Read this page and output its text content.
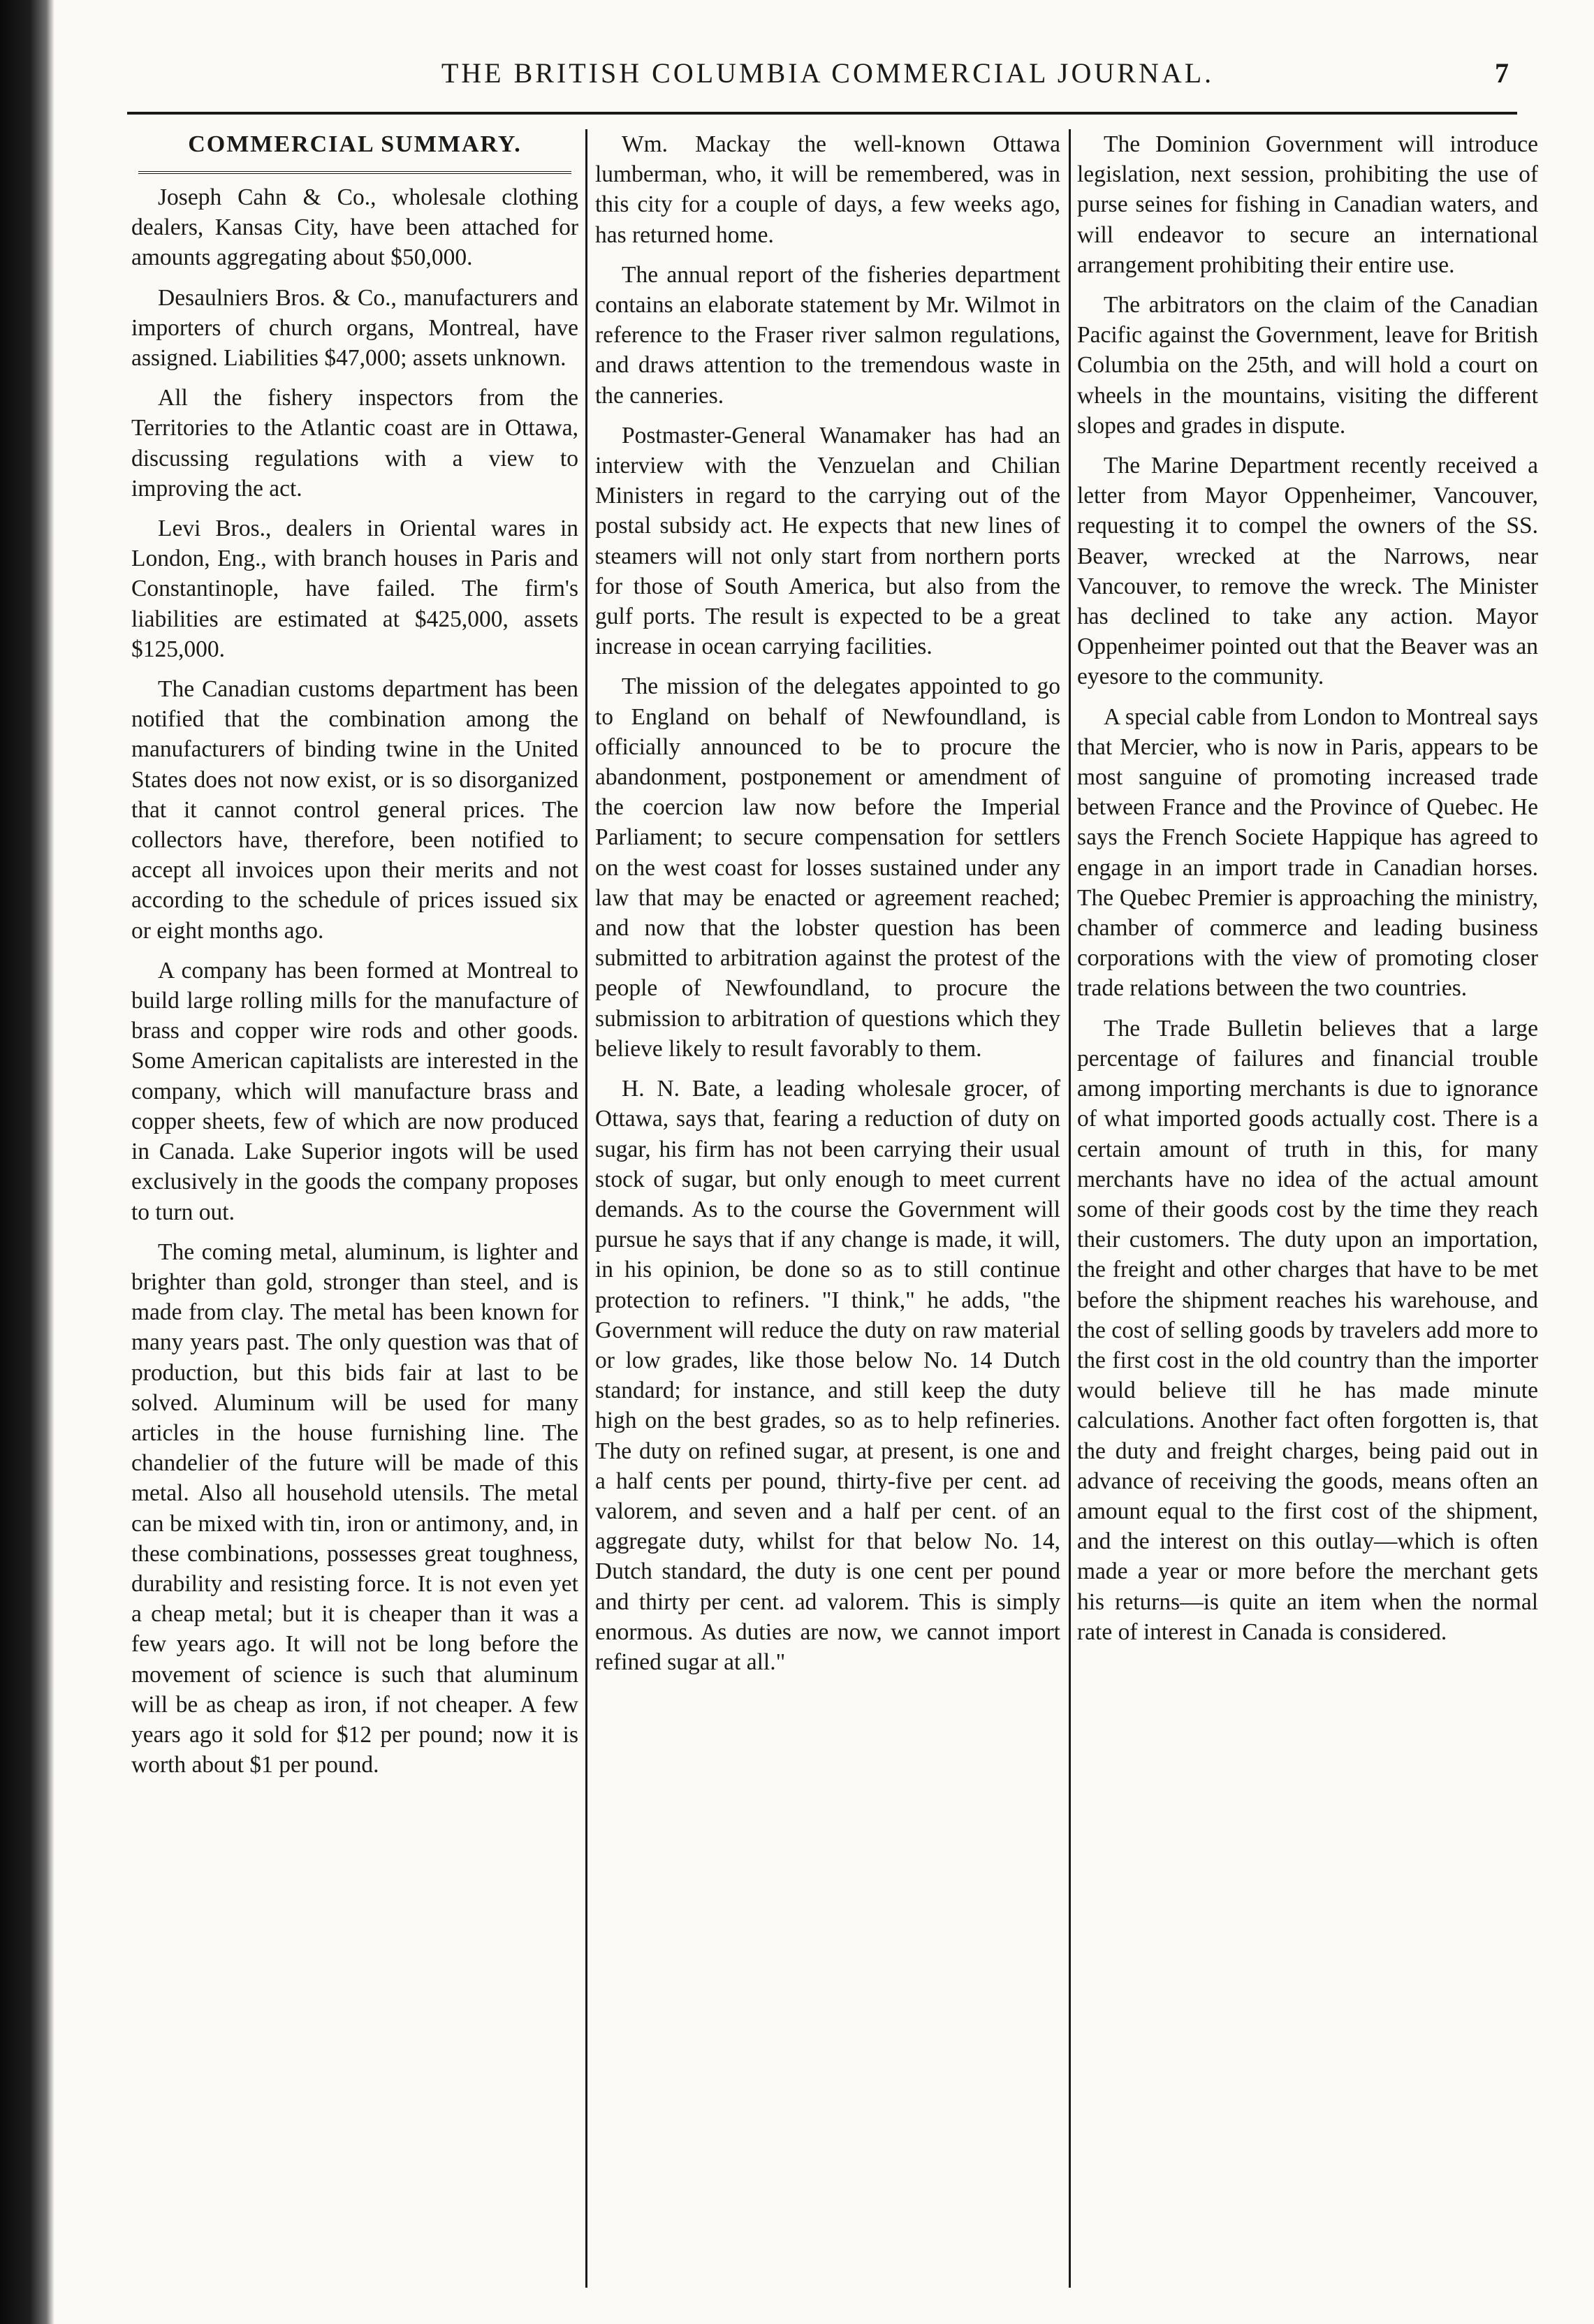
THE BRITISH COLUMBIA COMMERCIAL JOURNAL.	7
COMMERCIAL SUMMARY.

Joseph Cahn & Co., wholesale clothing dealers, Kansas City, have been attached for amounts aggregating about $50,000.

Desaulniers Bros. & Co., manufacturers and importers of church organs, Montreal, have assigned. Liabilities $47,000; assets unknown.

All the fishery inspectors from the Territories to the Atlantic coast are in Ottawa, discussing regulations with a view to improving the act.

Levi Bros., dealers in Oriental wares in London, Eng., with branch houses in Paris and Constantinople, have failed. The firm's liabilities are estimated at $425,000, assets $125,000.

The Canadian customs department has been notified that the combination among the manufacturers of binding twine in the United States does not now exist, or is so disorganized that it cannot control general prices. The collectors have, therefore, been notified to accept all invoices upon their merits and not according to the schedule of prices issued six or eight months ago.

A company has been formed at Montreal to build large rolling mills for the manufacture of brass and copper wire rods and other goods. Some American capitalists are interested in the company, which will manufacture brass and copper sheets, few of which are now produced in Canada. Lake Superior ingots will be used exclusively in the goods the company proposes to turn out.

The coming metal, aluminum, is lighter and brighter than gold, stronger than steel, and is made from clay. The metal has been known for many years past. The only question was that of production, but this bids fair at last to be solved. Aluminum will be used for many articles in the house furnishing line. The chandelier of the future will be made of this metal. Also all household utensils. The metal can be mixed with tin, iron or antimony, and, in these combinations, possesses great toughness, durability and resisting force. It is not even yet a cheap metal; but it is cheaper than it was a few years ago. It will not be long before the movement of science is such that aluminum will be as cheap as iron, if not cheaper. A few years ago it sold for $12 per pound; now it is worth about $1 per pound.

Wm. Mackay the well-known Ottawa lumberman, who, it will be remembered, was in this city for a couple of days, a few weeks ago, has returned home.

The annual report of the fisheries department contains an elaborate statement by Mr. Wilmot in reference to the Fraser river salmon regulations, and draws attention to the tremendous waste in the canneries.

Postmaster-General Wanamaker has had an interview with the Venzuelan and Chilian Ministers in regard to the carrying out of the postal subsidy act. He expects that new lines of steamers will not only start from northern ports for those of South America, but also from the gulf ports. The result is expected to be a great increase in ocean carrying facilities.

The mission of the delegates appointed to go to England on behalf of Newfoundland, is officially announced to be to procure the abandonment, postponement or amendment of the coercion law now before the Imperial Parliament; to secure compensation for settlers on the west coast for losses sustained under any law that may be enacted or agreement reached; and now that the lobster question has been submitted to arbitration against the protest of the people of Newfoundland, to procure the submission to arbitration of questions which they believe likely to result favorably to them.

H. N. Bate, a leading wholesale grocer, of Ottawa, says that, fearing a reduction of duty on sugar, his firm has not been carrying their usual stock of sugar, but only enough to meet current demands. As to the course the Government will pursue he says that if any change is made, it will, in his opinion, be done so as to still continue protection to refiners. "I think," he adds, "the Government will reduce the duty on raw material or low grades, like those below No. 14 Dutch standard; for instance, and still keep the duty high on the best grades, so as to help refineries. The duty on refined sugar, at present, is one and a half cents per pound, thirty-five per cent. ad valorem, and seven and a half per cent. of an aggregate duty, whilst for that below No. 14, Dutch standard, the duty is one cent per pound and thirty per cent. ad valorem. This is simply enormous. As duties are now, we cannot import refined sugar at all."

The Dominion Government will introduce legislation, next session, prohibiting the use of purse seines for fishing in Canadian waters, and will endeavor to secure an international arrangement prohibiting their entire use.

The arbitrators on the claim of the Canadian Pacific against the Government, leave for British Columbia on the 25th, and will hold a court on wheels in the mountains, visiting the different slopes and grades in dispute.

The Marine Department recently received a letter from Mayor Oppenheimer, Vancouver, requesting it to compel the owners of the SS. Beaver, wrecked at the Narrows, near Vancouver, to remove the wreck. The Minister has declined to take any action. Mayor Oppenheimer pointed out that the Beaver was an eyesore to the community.

A special cable from London to Montreal says that Mercier, who is now in Paris, appears to be most sanguine of promoting increased trade between France and the Province of Quebec. He says the French Societe Happique has agreed to engage in an import trade in Canadian horses. The Quebec Premier is approaching the ministry, chamber of commerce and leading business corporations with the view of promoting closer trade relations between the two countries.

The Trade Bulletin believes that a large percentage of failures and financial trouble among importing merchants is due to ignorance of what imported goods actually cost. There is a certain amount of truth in this, for many merchants have no idea of the actual amount some of their goods cost by the time they reach their customers. The duty upon an importation, the freight and other charges that have to be met before the shipment reaches his warehouse, and the cost of selling goods by travelers add more to the first cost in the old country than the importer would believe till he has made minute calculations. Another fact often forgotten is, that the duty and freight charges, being paid out in advance of receiving the goods, means often an amount equal to the first cost of the shipment, and the interest on this outlay—which is often made a year or more before the merchant gets his returns—is quite an item when the normal rate of interest in Canada is considered.
